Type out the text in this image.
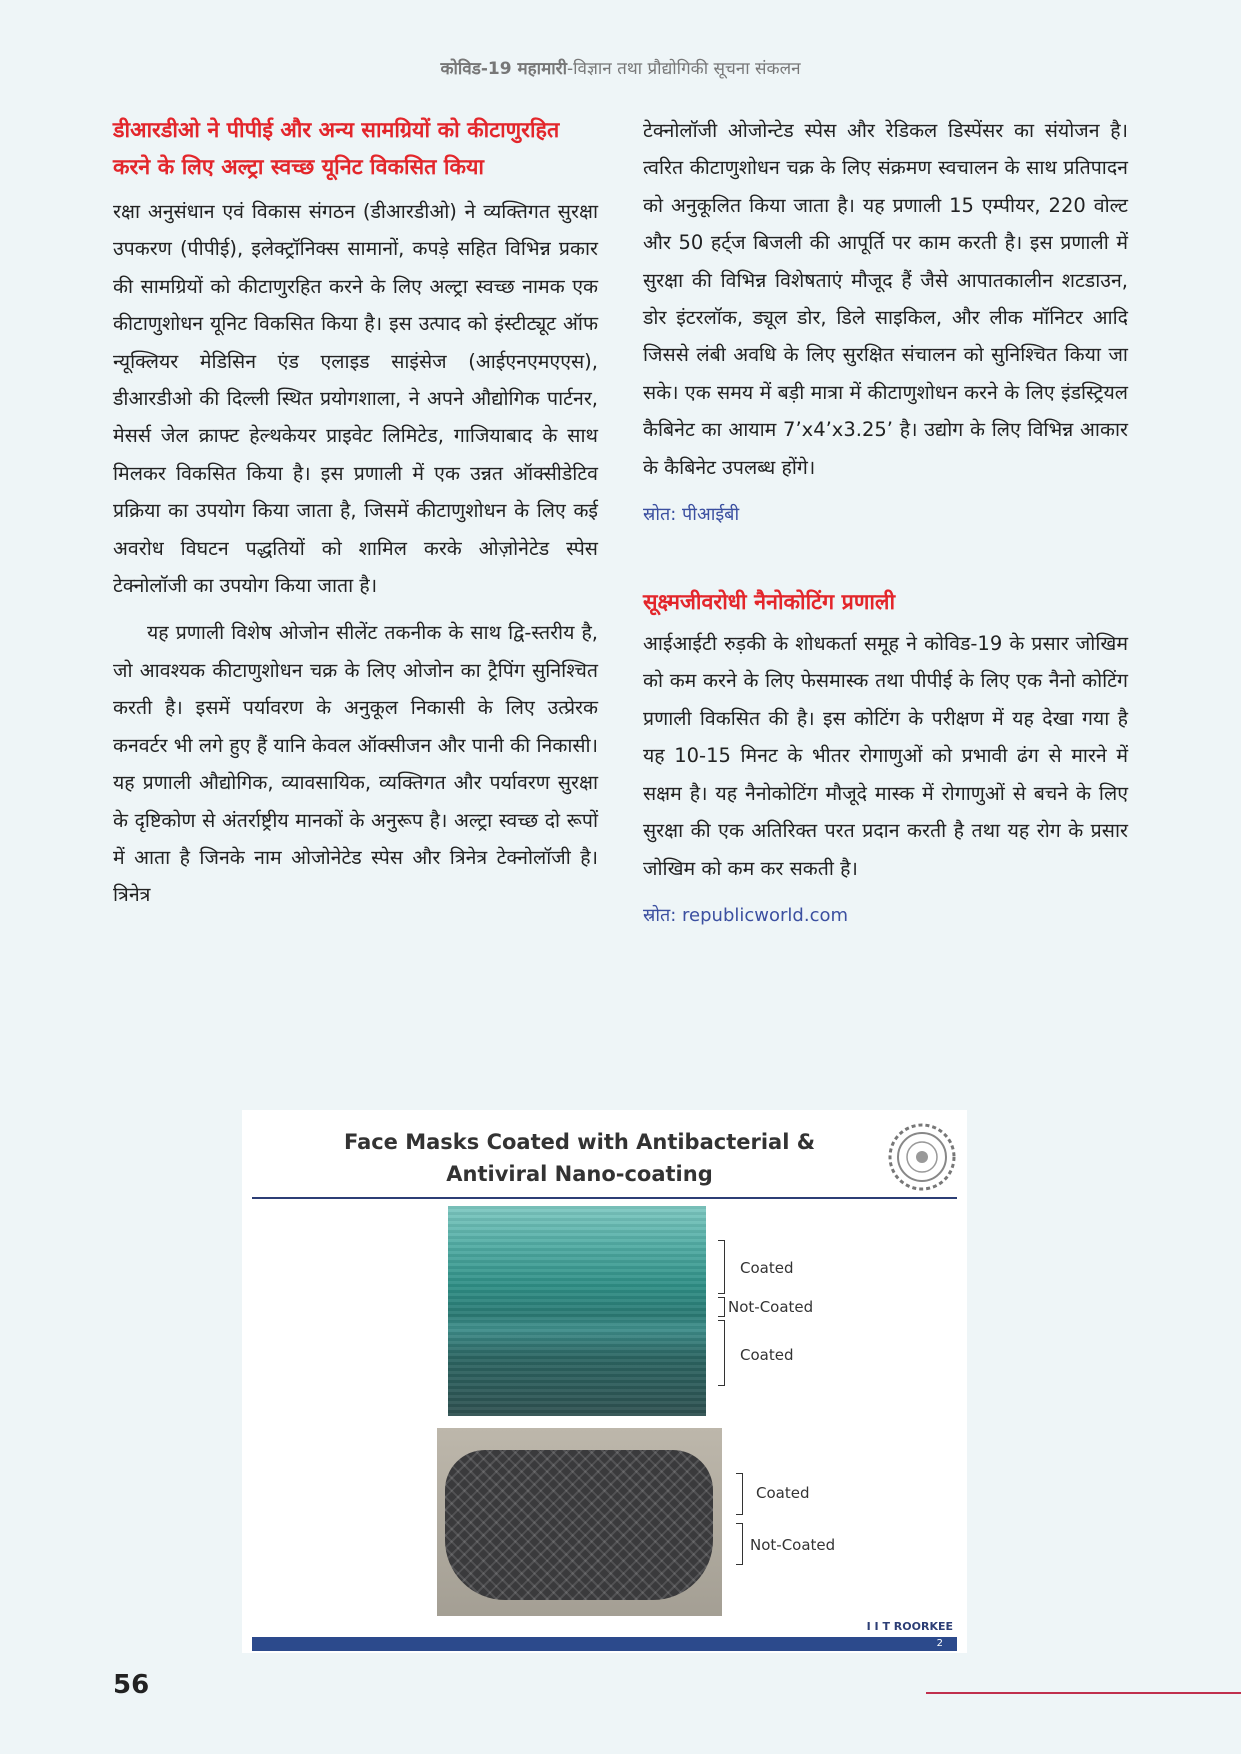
कोविड-19 महामारी-विज्ञान तथा प्रौद्योगिकी सूचना संकलन
डीआरडीओ ने पीपीई और अन्य सामग्रियों को कीटाणुरहित करने के लिए अल्ट्रा स्वच्छ यूनिट विकसित किया

रक्षा अनुसंधान एवं विकास संगठन (डीआरडीओ) ने व्यक्तिगत सुरक्षा उपकरण (पीपीई), इलेक्ट्रॉनिक्स सामानों, कपड़े सहित विभिन्न प्रकार की सामग्रियों को कीटाणुरहित करने के लिए अल्ट्रा स्वच्छ नामक एक कीटाणुशोधन यूनिट विकसित किया है। इस उत्पाद को इंस्टीट्यूट ऑफ न्यूक्लियर मेडिसिन एंड एलाइड साइंसेज (आईएनएमएएस), डीआरडीओ की दिल्ली स्थित प्रयोगशाला, ने अपने औद्योगिक पार्टनर, मेसर्स जेल क्राफ्ट हेल्थकेयर प्राइवेट लिमिटेड, गाजियाबाद के साथ मिलकर विकसित किया है। इस प्रणाली में एक उन्नत ऑक्सीडेटिव प्रक्रिया का उपयोग किया जाता है, जिसमें कीटाणुशोधन के लिए कई अवरोध विघटन पद्धतियों को शामिल करके ओज़ोनेटेड स्पेस टेक्नोलॉजी का उपयोग किया जाता है।

यह प्रणाली विशेष ओजोन सीलेंट तकनीक के साथ द्वि-स्तरीय है, जो आवश्यक कीटाणुशोधन चक्र के लिए ओजोन का ट्रैपिंग सुनिश्चित करती है। इसमें पर्यावरण के अनुकूल निकासी के लिए उत्प्रेरक कनवर्टर भी लगे हुए हैं यानि केवल ऑक्सीजन और पानी की निकासी। यह प्रणाली औद्योगिक, व्यावसायिक, व्यक्तिगत और पर्यावरण सुरक्षा के दृष्टिकोण से अंतर्राष्ट्रीय मानकों के अनुरूप है। अल्ट्रा स्वच्छ दो रूपों में आता है जिनके नाम ओजोनेटेड स्पेस और त्रिनेत्र टेक्नोलॉजी है। त्रिनेत्र

टेक्नोलॉजी ओजोन्टेड स्पेस और रेडिकल डिस्पेंसर का संयोजन है। त्वरित कीटाणुशोधन चक्र के लिए संक्रमण स्वचालन के साथ प्रतिपादन को अनुकूलित किया जाता है। यह प्रणाली 15 एम्पीयर, 220 वोल्ट और 50 हर्ट्ज बिजली की आपूर्ति पर काम करती है। इस प्रणाली में सुरक्षा की विभिन्न विशेषताएं मौजूद हैं जैसे आपातकालीन शटडाउन, डोर इंटरलॉक, ड्यूल डोर, डिले साइकिल, और लीक मॉनिटर आदि जिससे लंबी अवधि के लिए सुरक्षित संचालन को सुनिश्चित किया जा सके। एक समय में बड़ी मात्रा में कीटाणुशोधन करने के लिए इंडस्ट्रियल कैबिनेट का आयाम 7’x4’x3.25’ है। उद्योग के लिए विभिन्न आकार के कैबिनेट उपलब्ध होंगे।

स्रोत: पीआईबी

सूक्ष्मजीवरोधी नैनोकोटिंग प्रणाली

आईआईटी रुड़की के शोधकर्ता समूह ने कोविड-19 के प्रसार जोखिम को कम करने के लिए फेसमास्क तथा पीपीई के लिए एक नैनो कोटिंग प्रणाली विकसित की है। इस कोटिंग के परीक्षण में यह देखा गया है यह 10-15 मिनट के भीतर रोगाणुओं को प्रभावी ढंग से मारने में सक्षम है। यह नैनोकोटिंग मौजूदे मास्क में रोगाणुओं से बचने के लिए सुरक्षा की एक अतिरिक्त परत प्रदान करती है तथा यह रोग के प्रसार जोखिम को कम कर सकती है।

स्रोत: republicworld.com

Face Masks Coated with Antibacterial &
Antiviral Nano-coating
Coated
Not-Coated
Coated
Coated
Not-Coated
I I T ROORKEE
2
56
